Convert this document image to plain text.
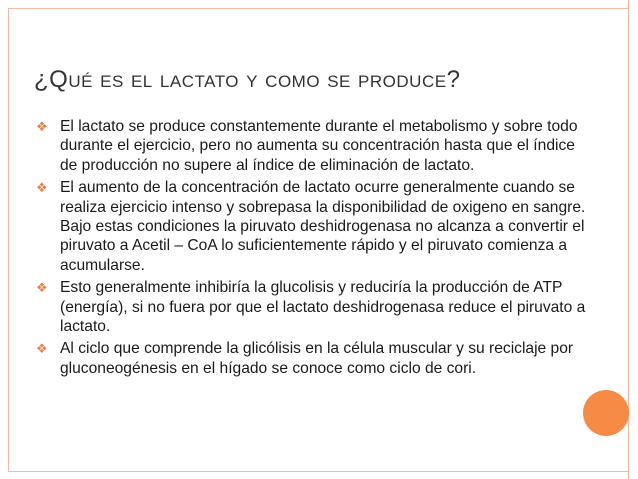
¿Qué es el lactato y como se produce?
❖ El lactato se produce constantemente durante el metabolismo y sobre todo durante el ejercicio, pero no aumenta su concentración hasta que el índice de producción no supere al índice de eliminación de lactato.
❖ El aumento de la concentración de lactato ocurre generalmente cuando se realiza ejercicio intenso y sobrepasa la disponibilidad de oxigeno en sangre. Bajo estas condiciones la piruvato deshidrogenasa no alcanza a convertir el piruvato a Acetil – CoA lo suficientemente rápido y el piruvato comienza a acumularse.
❖ Esto generalmente inhibiría la glucolisis y reduciría la producción de ATP (energía), si no fuera por que el lactato deshidrogenasa reduce el piruvato a lactato.
❖ Al ciclo que comprende la glicólisis en la célula muscular y su reciclaje por gluconeogénesis en el hígado se conoce como ciclo de cori.
